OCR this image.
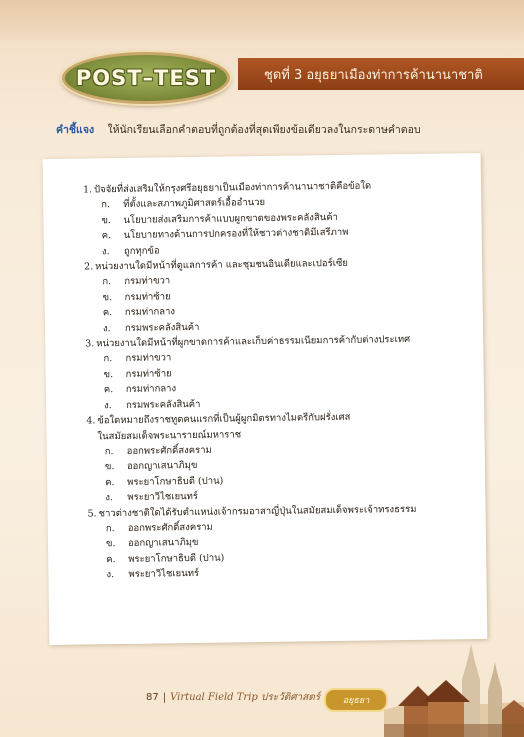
POST–TEST	ชุดที่ 3 อยุธยาเมืองท่าการค้านานาชาติ
คำชี้แจง ให้นักเรียนเลือกคำตอบที่ถูกต้องที่สุดเพียงข้อเดียวลงในกระดาษคำตอบ
1. ปัจจัยที่ส่งเสริมให้กรุงศรีอยุธยาเป็นเมืองท่าการค้านานาชาติคือข้อใด
ก.	ที่ตั้งและสภาพภูมิศาสตร์เอื้ออำนวย
ข.	นโยบายส่งเสริมการค้าแบบผูกขาดของพระคลังสินค้า
ค.	นโยบายทางด้านการปกครองที่ให้ชาวต่างชาติมีเสรีภาพ
ง.	ถูกทุกข้อ
2. หน่วยงานใดมีหน้าที่ดูแลการค้า และชุมชนอินเดียและเปอร์เซีย
ก.	กรมท่าขวา
ข.	กรมท่าซ้าย
ค.	กรมท่ากลาง
ง.	กรมพระคลังสินค้า
3. หน่วยงานใดมีหน้าที่ผูกขาดการค้าและเก็บค่าธรรมเนียมการค้ากับต่างประเทศ
ก.	กรมท่าขวา
ข.	กรมท่าซ้าย
ค.	กรมท่ากลาง
ง.	กรมพระคลังสินค้า
4. ข้อใดหมายถึงราชทูตคนแรกที่เป็นผู้ผูกมิตรทางไมตรีกับฝรั่งเศส
ในสมัยสมเด็จพระนารายณ์มหาราช
ก.	ออกพระศักดิ์สงคราม
ข.	ออกญาเสนาภิมุข
ค.	พระยาโกษาธิบดี (ปาน)
ง.	พระยาวิไชเยนทร์
5. ชาวต่างชาติใดได้รับตำแหน่งเจ้ากรมอาสาญี่ปุ่นในสมัยสมเด็จพระเจ้าทรงธรรม
ก.	ออกพระศักดิ์สงคราม
ข.	ออกญาเสนาภิมุข
ค.	พระยาโกษาธิบดี (ปาน)
ง.	พระยาวิไชเยนทร์
87 | Virtual Field Trip ประวัติศาสตร์	อยุธยา
